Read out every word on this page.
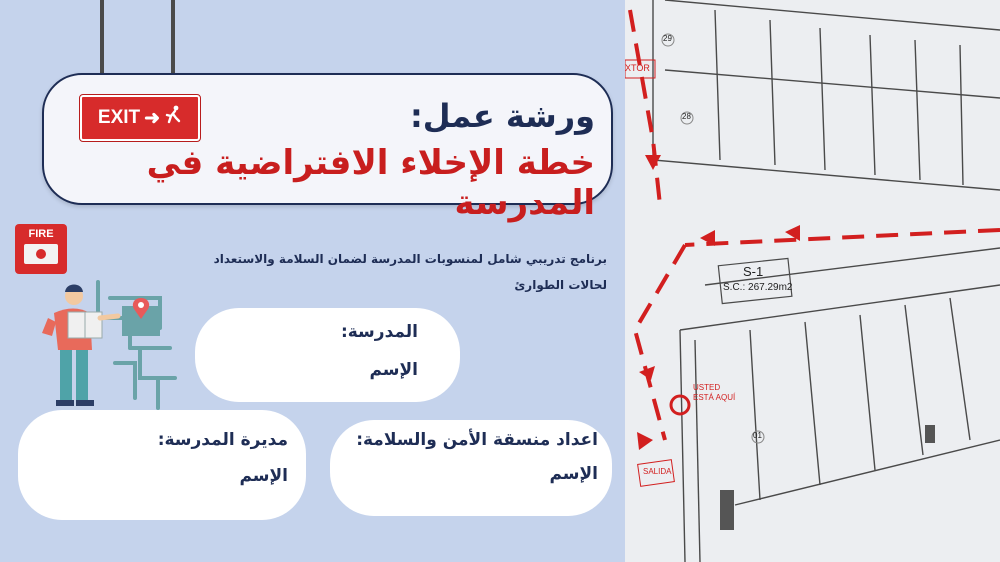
EXIT ➜	ورشة عمل:
خطة الإخلاء الافتراضية في المدرسة
FIRE
برنامج تدريبي شامل لمنسوبات المدرسة لضمان السلامة والاستعداد لحالات الطوارئ
المدرسة:
الإسم
مديرة المدرسة:
الإسم
اعداد منسقة الأمن والسلامة:
الإسم
29
28
01
XTOR
S-1
S.C.: 267.29m2
USTED ESTÁ AQUÍ
SALIDA
